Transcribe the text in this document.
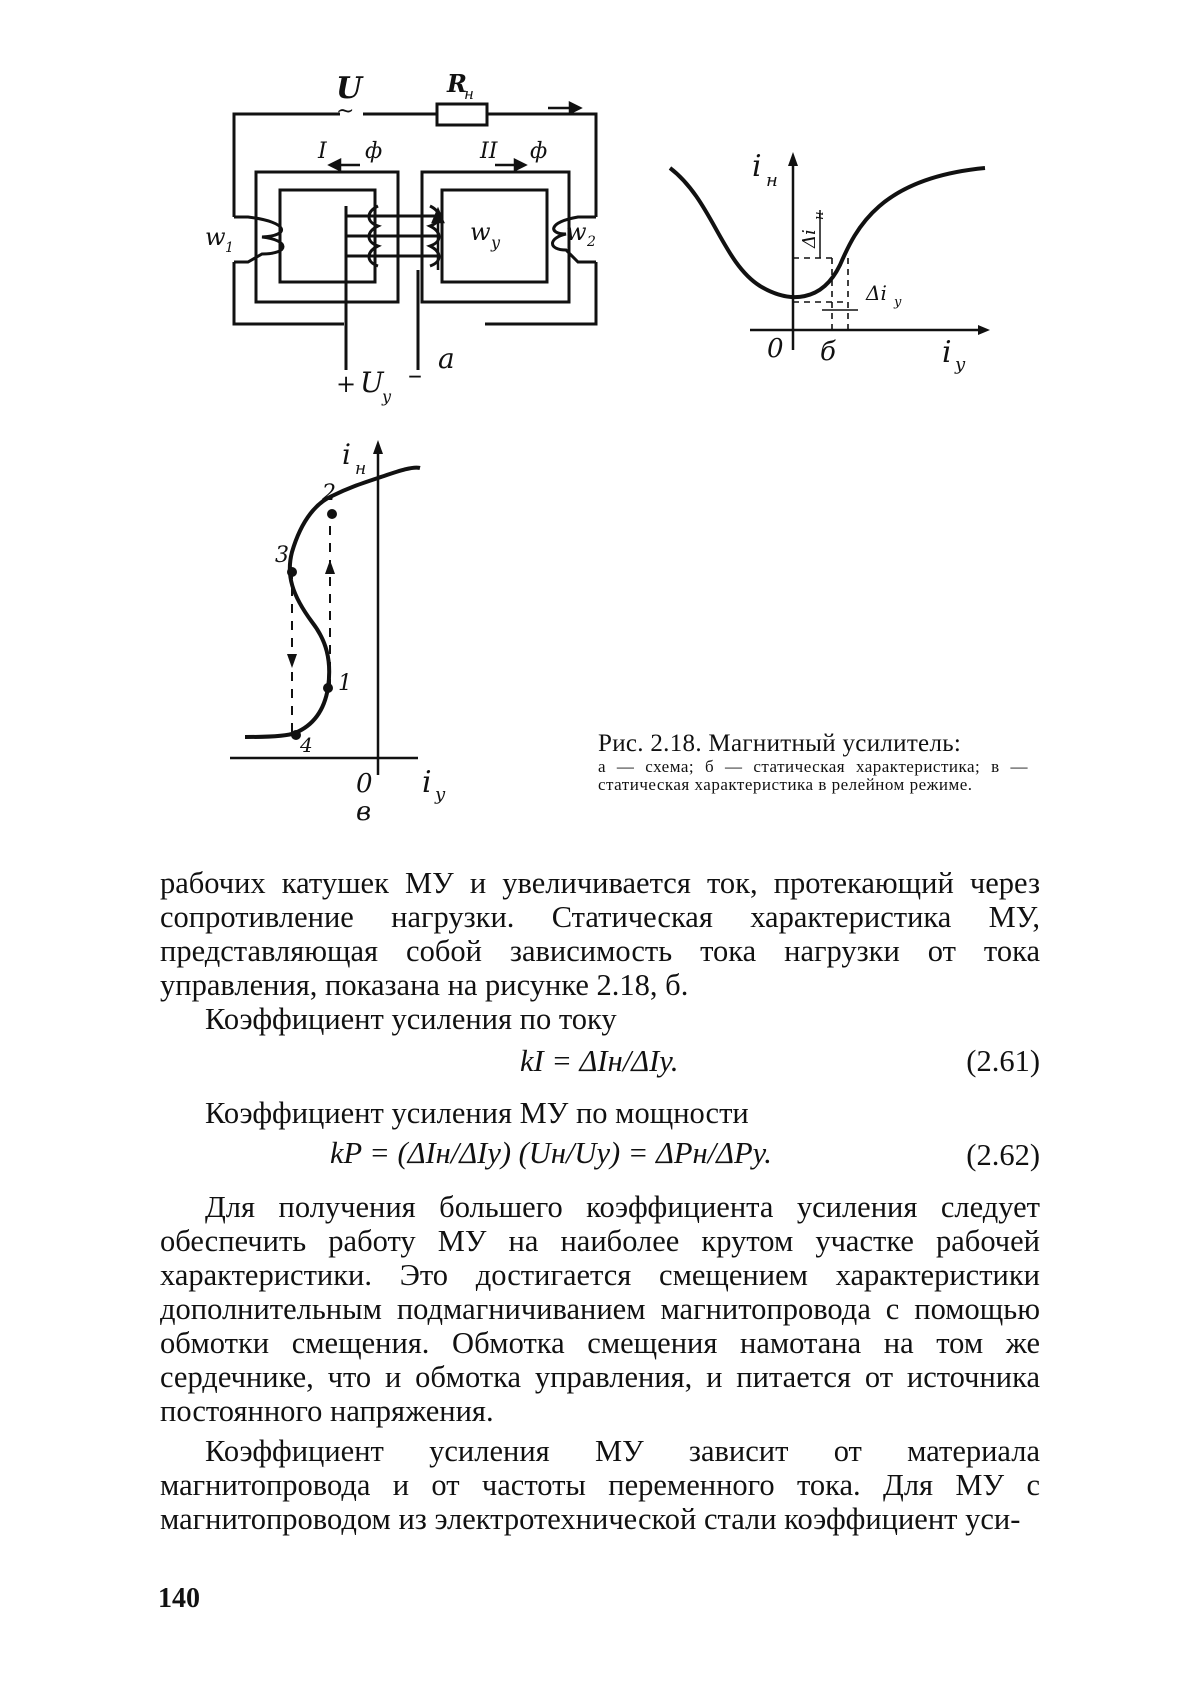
U
~
R
н
I ф	II ф
w 1
w у	w 2
+ U
у
– а
i н
i у
0 б
Δi
н
Δi у
1
2
3
4
i н
i у
0
в
Рис. 2.18. Магнитный усилитель:
а — схема; б — статическая характеристика; в — статическая характеристика в релейном режиме.

рабочих катушек МУ и увеличивается ток, протекающий через сопротивление нагрузки. Статическая характеристика МУ, представляющая собой зависимость тока нагрузки от тока управления, показана на рисунке 2.18, б.

Коэффициент усиления по току

kI = ΔIн/ΔIу.	(2.61)

Коэффициент усиления МУ по мощности

kP = (ΔIн/ΔIу) (Uн/Uу) = ΔPн/ΔPу.	(2.62)

Для получения большего коэффициента усиления следует обеспечить работу МУ на наиболее крутом участке рабочей характеристики. Это достигается смещением характеристики дополнительным подмагничиванием магнитопровода с помощью обмотки смещения. Обмотка смещения намотана на том же сердечнике, что и обмотка управления, и питается от источника постоянного напряжения.

Коэффициент усиления МУ зависит от материала магнитопровода и от частоты переменного тока. Для МУ с магнитопроводом из электротехнической стали коэффициент уси-

140
